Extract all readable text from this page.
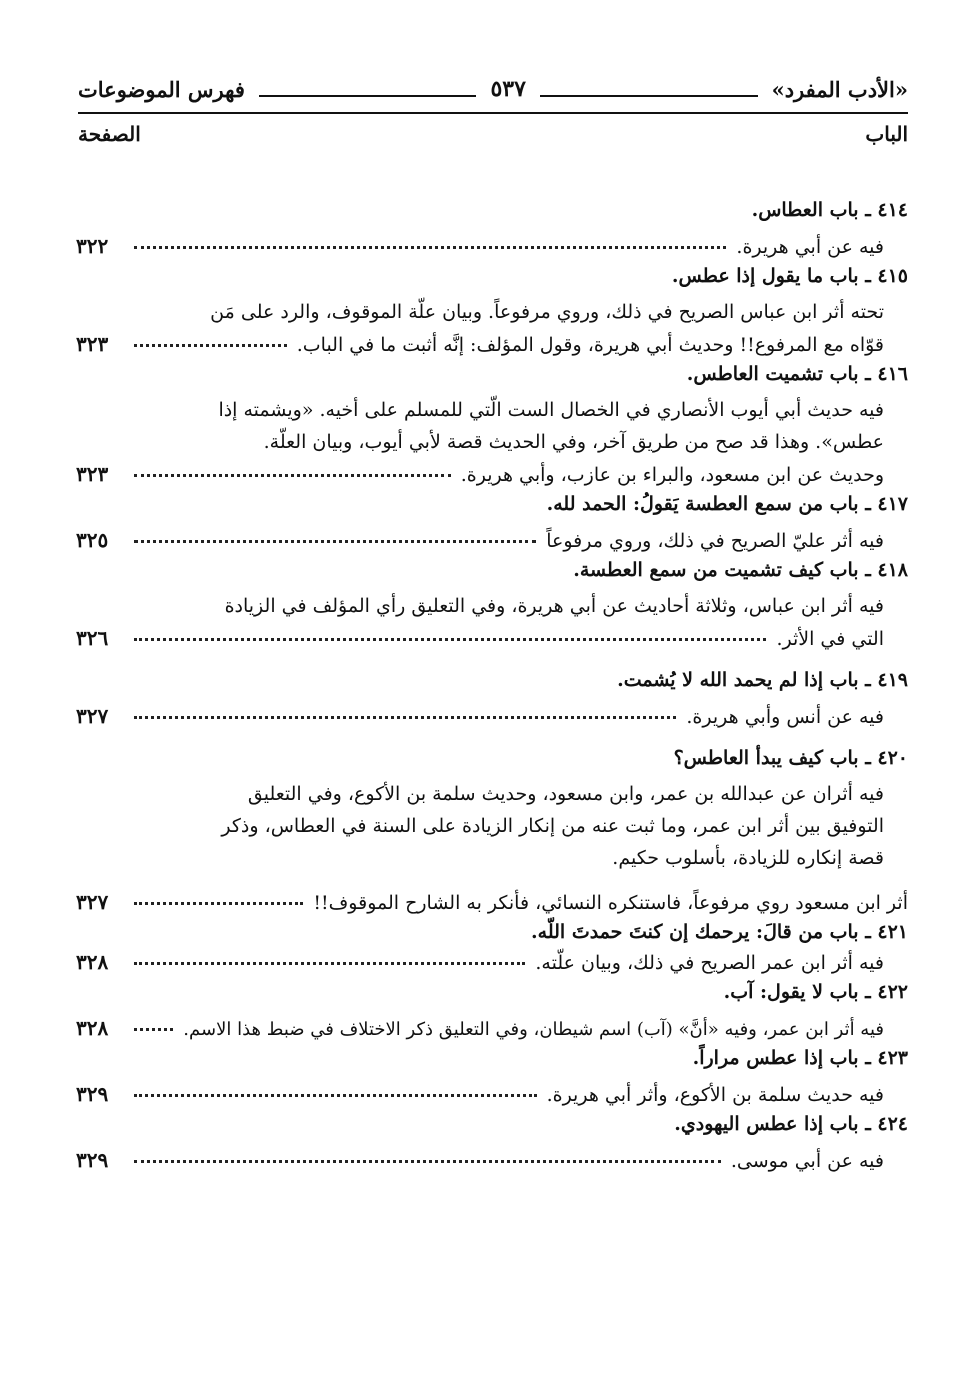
«الأدب المفرد»
٥٣٧
فهرس الموضوعات
الباب
الصفحة
٤١٤ ـ باب العطاس.
فيه عن أبي هريرة.
٣٢٢
٤١٥ ـ باب ما يقول إذا عطس.
تحته أثر ابن عباس الصريح في ذلك، وروي مرفوعاً. وبيان علّة الموقوف، والرد على مَن
قوّاه مع المرفوع!! وحديث أبي هريرة، وقول المؤلف: إنَّه أثبت ما في الباب.
٣٢٣
٤١٦ ـ باب تشميت العاطس.
فيه حديث أبي أيوب الأنصاري في الخصال الست الّتي للمسلم على أخيه. «ويشمته إذا
عطس». وهذا قد صح من طريق آخر، وفي الحديث قصة لأبي أيوب، وبيان العلّة.
وحديث عن ابن مسعود، والبراء بن عازب، وأبي هريرة.
٣٢٣
٤١٧ ـ باب من سمع العطسة يَقولُ: الحمد لله.
فيه أثر عليّ الصريح في ذلك، وروي مرفوعاً
٣٢٥
٤١٨ ـ باب كيف تشميت من سمع العطسة.
فيه أثر ابن عباس، وثلاثة أحاديث عن أبي هريرة، وفي التعليق رأي المؤلف في الزيادة
التي في الأثر.
٣٢٦
٤١٩ ـ باب إذا لم يحمد الله لا يُشمت.
فيه عن أنس وأبي هريرة.
٣٢٧
٤٢٠ ـ باب كيف يبدأ العاطس؟
فيه أثران عن عبدالله بن عمر، وابن مسعود، وحديث سلمة بن الأكوع، وفي التعليق
التوفيق بين أثر ابن عمر، وما ثبت عنه من إنكار الزيادة على السنة في العطاس، وذكر
قصة إنكاره للزيادة، بأسلوب حكيم.
أثر ابن مسعود روي مرفوعاً، فاستنكره النسائي، فأنكر به الشارح الموقوف!!
٣٢٧
٤٢١ ـ باب من قالَ: يرحمك إن كنتَ حمدتَ اللّه.
فيه أثر ابن عمر الصريح في ذلك، وبيان علّته.
٣٢٨
٤٢٢ ـ باب لا يقول: آب.
فيه أثر ابن عمر، وفيه «أنَّ» (آب) اسم شيطان، وفي التعليق ذكر الاختلاف في ضبط هذا الاسم.
٣٢٨
٤٢٣ ـ باب إذا عطس مراراً.
فيه حديث سلمة بن الأكوع، وأثر أبي هريرة.
٣٢٩
٤٢٤ ـ باب إذا عطس اليهودي.
فيه عن أبي موسى.
٣٢٩
